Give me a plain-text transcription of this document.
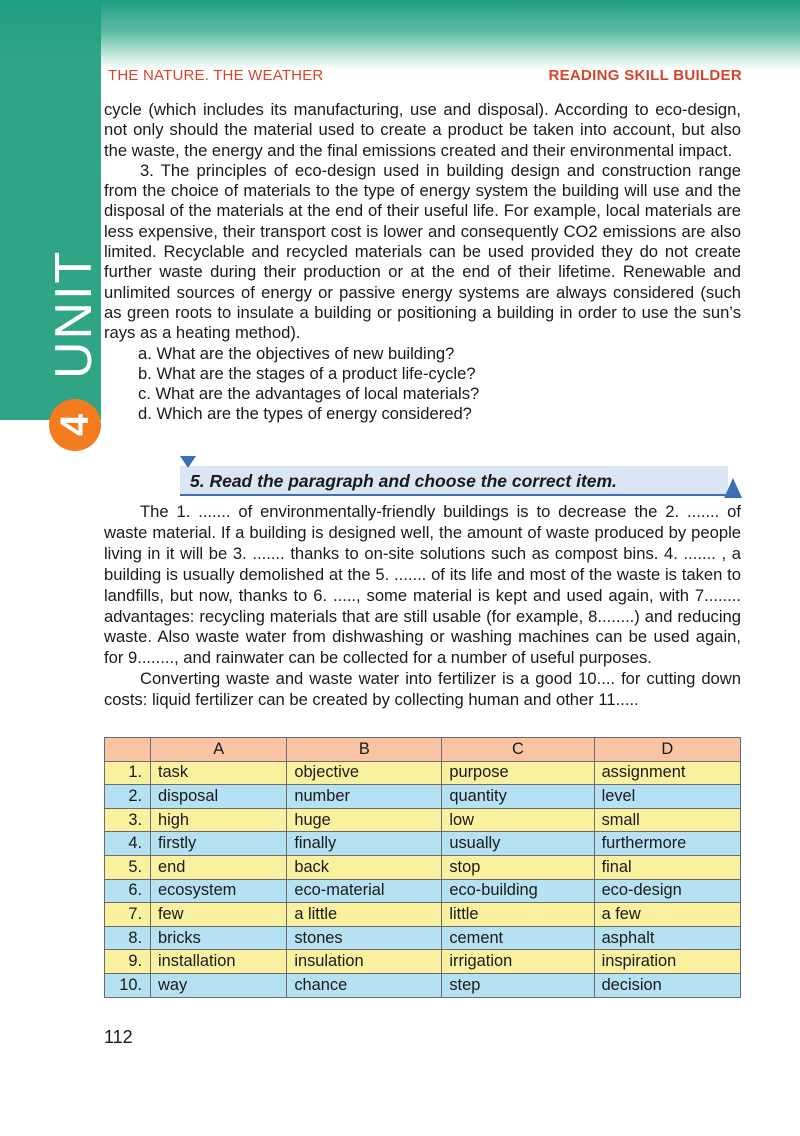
THE NATURE. THE WEATHER	READING SKILL BUILDER
UNIT
4

cycle (which includes its manufacturing, use and disposal). According to eco-design, not only should the material used to create a product be taken into account, but also the waste, the energy and the final emissions created and their environmental impact.

3. The principles of eco-design used in building design and construction range from the choice of materials to the type of energy system the building will use and the disposal of the materials at the end of their useful life. For example, local materials are less expensive, their transport cost is lower and consequently CO2 emissions are also limited. Recyclable and recycled materials can be used provided they do not create further waste during their production or at the end of their lifetime. Renewable and unlimited sources of energy or passive energy systems are always considered (such as green roots to insulate a building or positioning a building in order to use the sun’s rays as a heating method).

a. What are the objectives of new building?

b. What are the stages of a product life-cycle?

c. What are the advantages of local materials?

d. Which are the types of energy considered?

5. Read the paragraph and choose the correct item.

The 1. ....... of environmentally-friendly buildings is to decrease the 2. ....... of waste material. If a building is designed well, the amount of waste produced by people living in it will be 3. ....... thanks to on-site solutions such as compost bins. 4. ....... , a building is usually demolished at the 5. ....... of its life and most of the waste is taken to landfills, but now, thanks to 6. ....., some material is kept and used again, with 7........ advantages: recycling materials that are still usable (for example, 8........) and reducing waste. Also waste water from dishwashing or washing machines can be used again, for 9........, and rainwater can be collected for a number of useful purposes.

Converting waste and waste water into fertilizer is a good 10.... for cutting down costs: liquid fertilizer can be created by collecting human and other 11.....

	A	B	C	D
1.	task	objective	purpose	assignment
2.	disposal	number	quantity	level
3.	high	huge	low	small
4.	firstly	finally	usually	furthermore
5.	end	back	stop	final
6.	ecosystem	eco-material	eco-building	eco-design
7.	few	a little	little	a few
8.	bricks	stones	cement	asphalt
9.	installation	insulation	irrigation	inspiration
10.	way	chance	step	decision
112
